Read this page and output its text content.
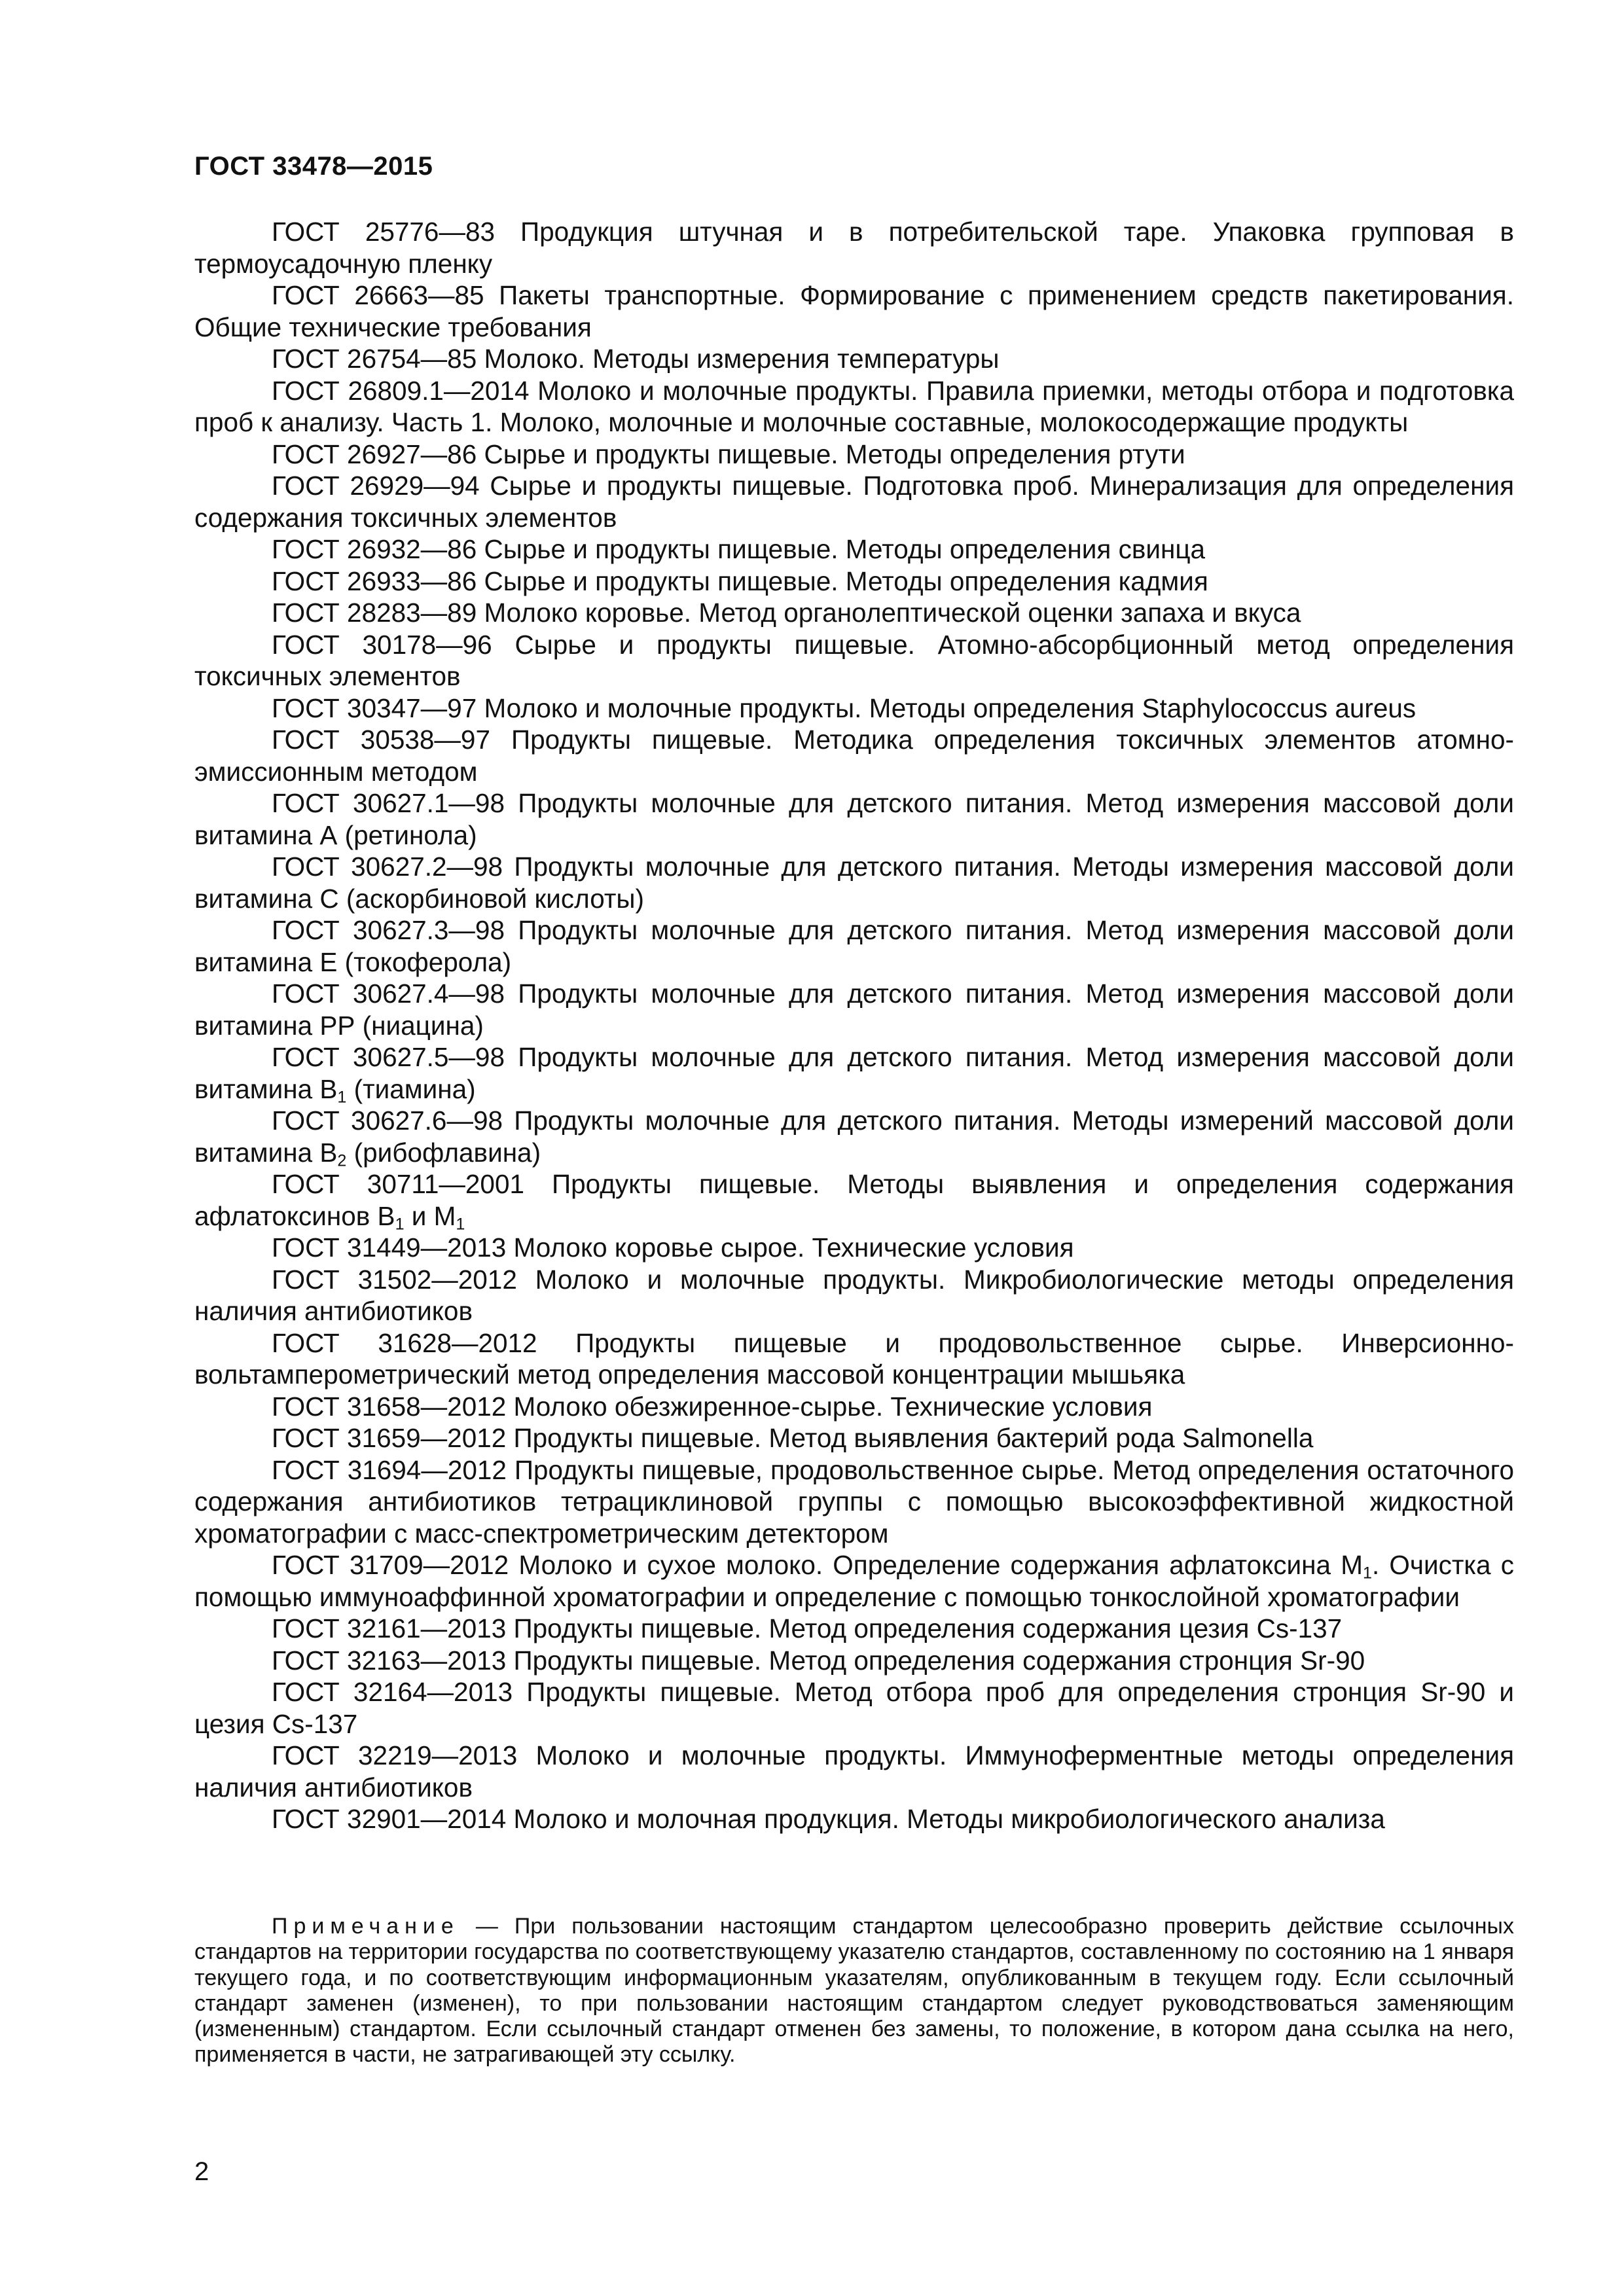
ГОСТ 33478—2015

ГОСТ 25776—83 Продукция штучная и в потребительской таре. Упаковка групповая в термоусадочную пленку

ГОСТ 26663—85 Пакеты транспортные. Формирование с применением средств пакетирования. Общие технические требования

ГОСТ 26754—85 Молоко. Методы измерения температуры

ГОСТ 26809.1—2014 Молоко и молочные продукты. Правила приемки, методы отбора и подготовка проб к анализу. Часть 1. Молоко, молочные и молочные составные, молокосодержащие продукты

ГОСТ 26927—86 Сырье и продукты пищевые. Методы определения ртути

ГОСТ 26929—94 Сырье и продукты пищевые. Подготовка проб. Минерализация для определения содержания токсичных элементов

ГОСТ 26932—86 Сырье и продукты пищевые. Методы определения свинца

ГОСТ 26933—86 Сырье и продукты пищевые. Методы определения кадмия

ГОСТ 28283—89 Молоко коровье. Метод органолептической оценки запаха и вкуса

ГОСТ 30178—96 Сырье и продукты пищевые. Атомно-абсорбционный метод определения токсичных элементов

ГОСТ 30347—97 Молоко и молочные продукты. Методы определения Staphylococcus aureus

ГОСТ 30538—97 Продукты пищевые. Методика определения токсичных элементов атомно-эмиссионным методом

ГОСТ 30627.1—98 Продукты молочные для детского питания. Метод измерения массовой доли витамина А (ретинола)

ГОСТ 30627.2—98 Продукты молочные для детского питания. Методы измерения массовой доли витамина С (аскорбиновой кислоты)

ГОСТ 30627.3—98 Продукты молочные для детского питания. Метод измерения массовой доли витамина Е (токоферола)

ГОСТ 30627.4—98 Продукты молочные для детского питания. Метод измерения массовой доли витамина РР (ниацина)

ГОСТ 30627.5—98 Продукты молочные для детского питания. Метод измерения массовой доли витамина $В_1$ (тиамина)

ГОСТ 30627.6—98 Продукты молочные для детского питания. Методы измерений массовой доли витамина $В_2$ (рибофлавина)

ГОСТ 30711—2001 Продукты пищевые. Методы выявления и определения содержания афлатоксинов $В_1$ и $М_1$

ГОСТ 31449—2013 Молоко коровье сырое. Технические условия

ГОСТ 31502—2012 Молоко и молочные продукты. Микробиологические методы определения наличия антибиотиков

ГОСТ 31628—2012 Продукты пищевые и продовольственное сырье. Инверсионно-вольтамперометрический метод определения массовой концентрации мышьяка

ГОСТ 31658—2012 Молоко обезжиренное-сырье. Технические условия

ГОСТ 31659—2012 Продукты пищевые. Метод выявления бактерий рода Salmonella

ГОСТ 31694—2012 Продукты пищевые, продовольственное сырье. Метод определения остаточного содержания антибиотиков тетрациклиновой группы с помощью высокоэффективной жидкостной хроматографии с масс-спектрометрическим детектором

ГОСТ 31709—2012 Молоко и сухое молоко. Определение содержания афлатоксина $М_1$. Очистка с помощью иммуноаффинной хроматографии и определение с помощью тонкослойной хроматографии

ГОСТ 32161—2013 Продукты пищевые. Метод определения содержания цезия Cs-137

ГОСТ 32163—2013 Продукты пищевые. Метод определения содержания стронция Sr-90

ГОСТ 32164—2013 Продукты пищевые. Метод отбора проб для определения стронция Sr-90 и цезия Cs-137

ГОСТ 32219—2013 Молоко и молочные продукты. Иммуноферментные методы определения наличия антибиотиков

ГОСТ 32901—2014 Молоко и молочная продукция. Методы микробиологического анализа

Примечание — При пользовании настоящим стандартом целесообразно проверить действие ссылочных стандартов на территории государства по соответствующему указателю стандартов, составленному по состоянию на 1 января текущего года, и по соответствующим информационным указателям, опубликованным в текущем году. Если ссылочный стандарт заменен (изменен), то при пользовании настоящим стандартом следует руководствоваться заменяющим (измененным) стандартом. Если ссылочный стандарт отменен без замены, то положение, в котором дана ссылка на него, применяется в части, не затрагивающей эту ссылку.

2
